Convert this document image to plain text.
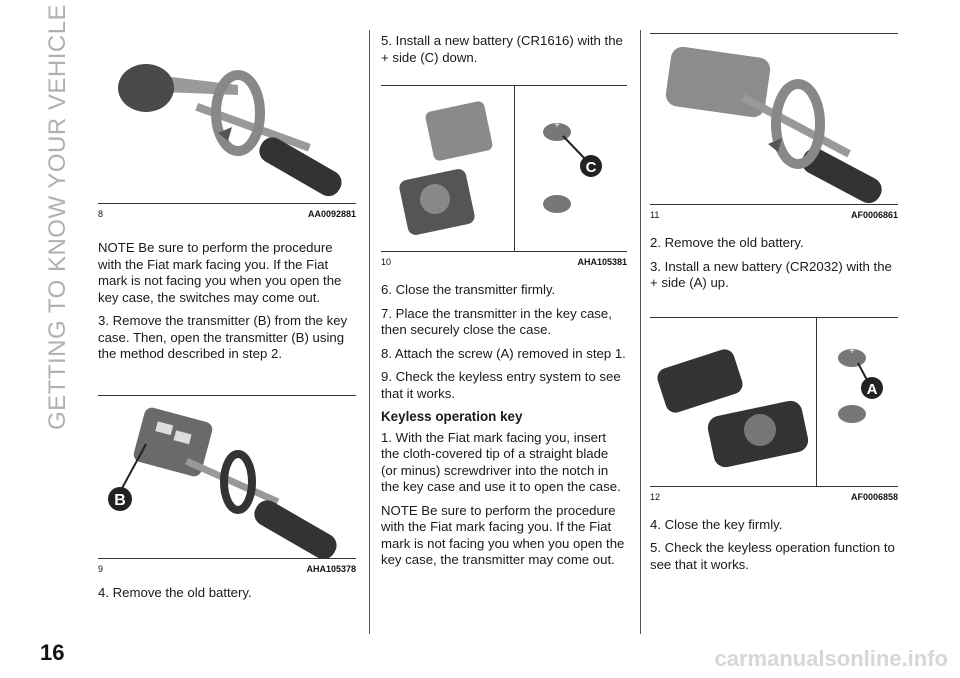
GETTING TO KNOW YOUR VEHICLE	8	AA0092881

NOTE Be sure to perform the procedure with the Fiat mark facing you. If the Fiat mark is not facing you when you open the key case, the switches may come out.

3. Remove the transmitter (B) from the key case. Then, open the transmitter (B) using the method described in step 2.

B
9	AHA105378

4. Remove the old battery.

5. Install a new battery (CR1616) with the + side (C) down.

+
C
10	AHA105381

6. Close the transmitter firmly.

7. Place the transmitter in the key case, then securely close the case.

8. Attach the screw (A) removed in step 1.

9. Check the keyless entry system to see that it works.

Keyless operation key

1. With the Fiat mark facing you, insert the cloth-covered tip of a straight blade (or minus) screwdriver into the notch in the key case and use it to open the case.

NOTE Be sure to perform the procedure with the Fiat mark facing you. If the Fiat mark is not facing you when you open the key case, the transmitter may come out.

11	AF0006861

2. Remove the old battery.

3. Install a new battery (CR2032) with the + side (A) up.

+
A
12	AF0006858

4. Close the key firmly.

5. Check the keyless operation function to see that it works.

16	carmanualsonline.info
